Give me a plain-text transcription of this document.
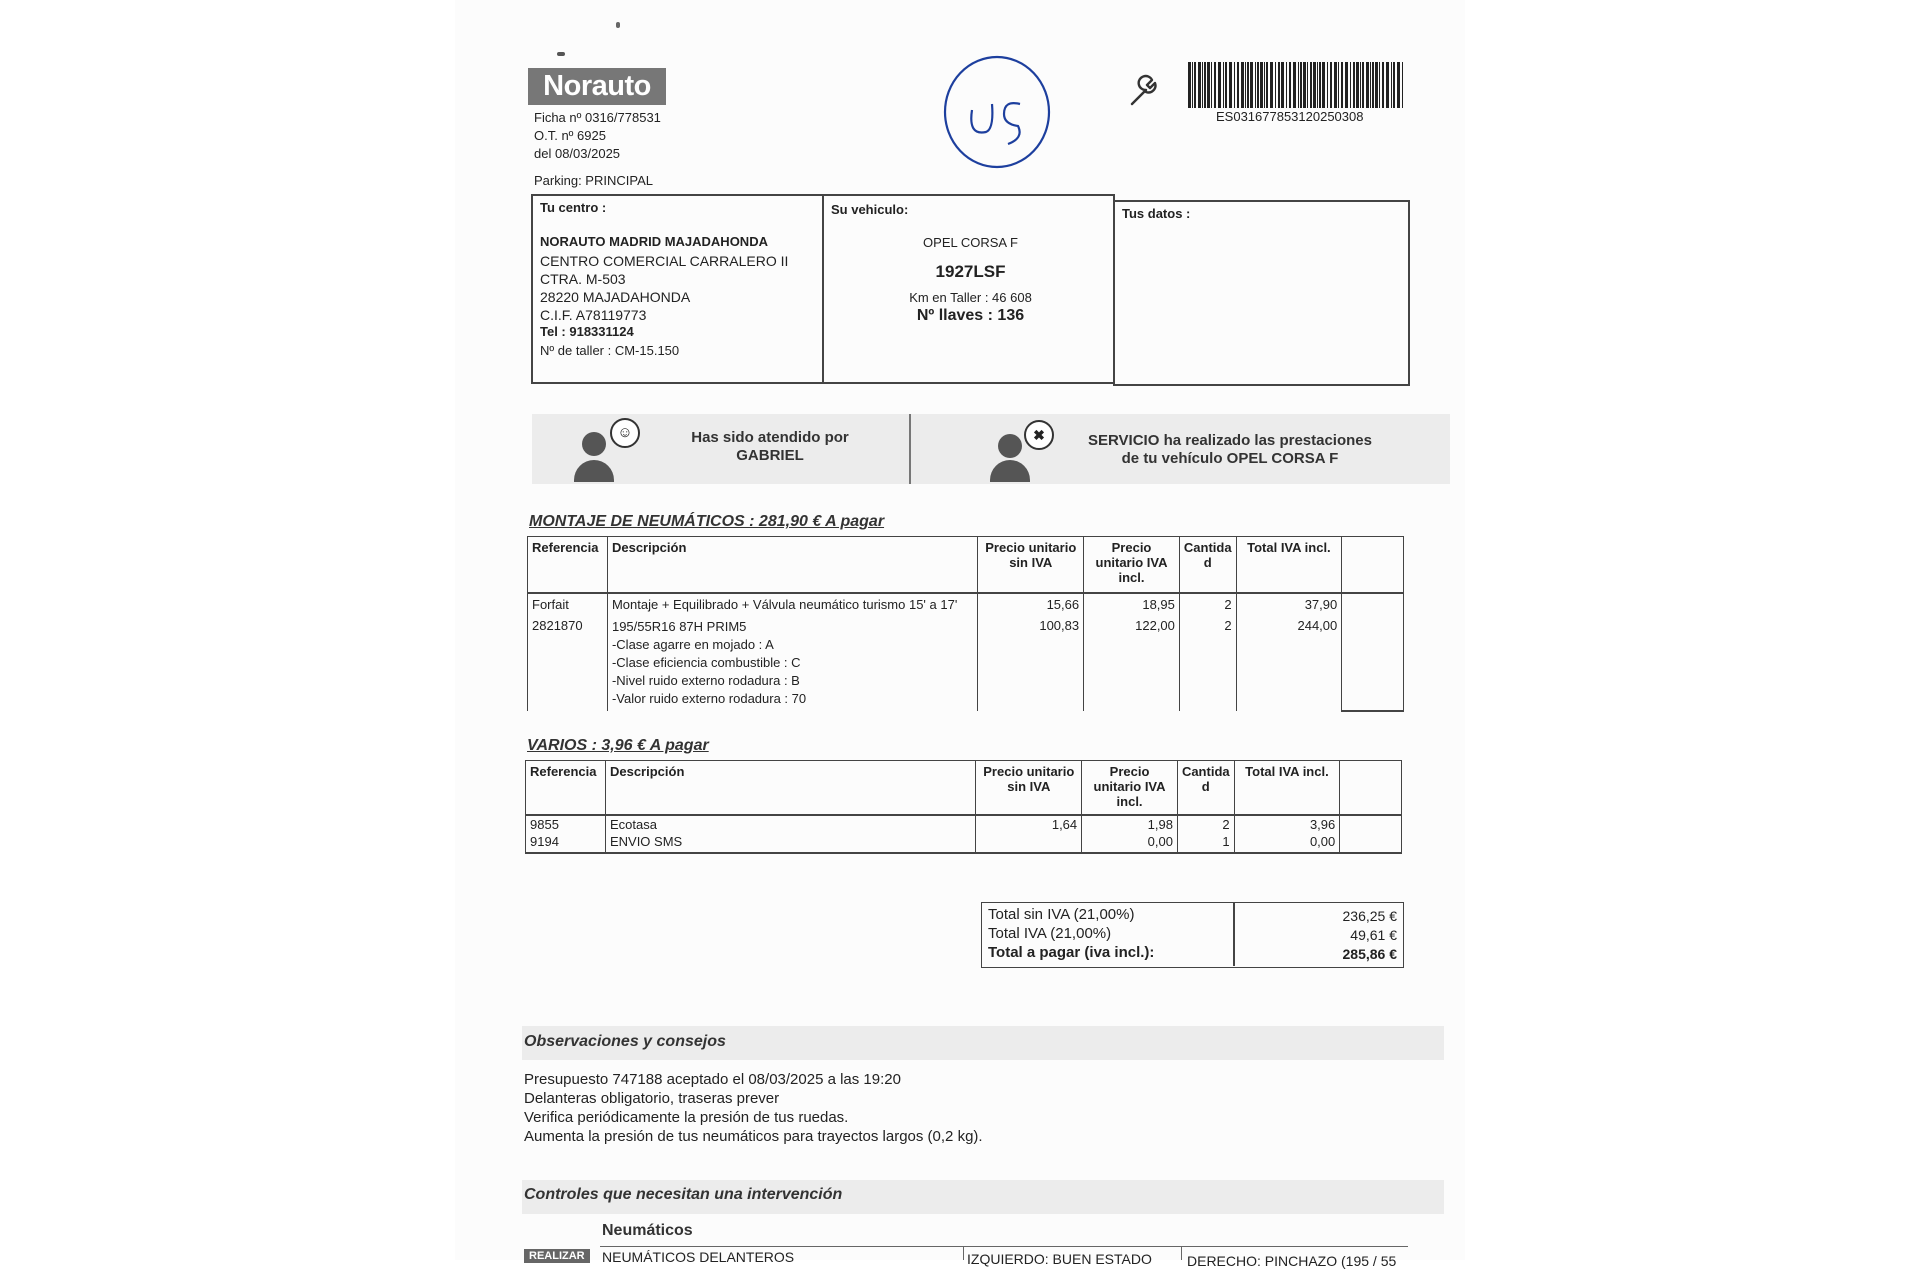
Norauto
Ficha nº 0316/778531
O.T. nº 6925
del 08/03/2025
Parking: PRINCIPAL
ES0316778531202503​08
Tu centro :
NORAUTO MADRID MAJADAHONDA
CENTRO COMERCIAL CARRALERO II
CTRA. M-503
28220 MAJADAHONDA
C.I.F. A78119773
Tel : 918331124
Nº de taller : CM-15.150
Su vehiculo:
OPEL CORSA F
1927LSF
Km en Taller : 46 608
Nº llaves : 136
Tus datos :
☺	Has sido atendido por
GABRIEL
✖	SERVICIO ha realizado las prestaciones
de tu vehículo OPEL CORSA F
MONTAJE DE NEUMÁTICOS : 281,90 € A pagar
Referencia	Descripción	Precio unitario sin IVA	Precio unitario IVA incl.	Cantida d	Total IVA incl.	
Forfait	Montaje + Equilibrado + Válvula neumático turismo 15' a 17'	15,66	18,95	2	37,90	
2821870	195/55R16 87H PRIM5
-Clase agarre en mojado : A
-Clase eficiencia combustible : C
-Nivel ruido externo rodadura : B
-Valor ruido externo rodadura : 70	100,83	122,00	2	244,00	
VARIOS : 3,96 € A pagar
Referencia	Descripción	Precio unitario sin IVA	Precio unitario IVA incl.	Cantida d	Total IVA incl.	
9855	Ecotasa	1,64	1,98	2	3,96	
9194	ENVIO SMS		0,00	1	0,00	
Total sin IVA (21,00%)	236,25 €
Total IVA (21,00%)	49,61 €
Total a pagar (iva incl.):	285,86 €
Observaciones y consejos

Presupuesto 747188 aceptado el 08/03/2025 a las 19:20

Delanteras obligatorio, traseras prever

Verifica periódicamente la presión de tus ruedas.

Aumenta la presión de tus neumáticos para trayectos largos (0,2 kg).

Controles que necesitan una intervención
Neumáticos
REALIZAR	NEUMÁTICOS DELANTEROS	IZQUIERDO: BUEN ESTADO	DERECHO: PINCHAZO (195 / 55
